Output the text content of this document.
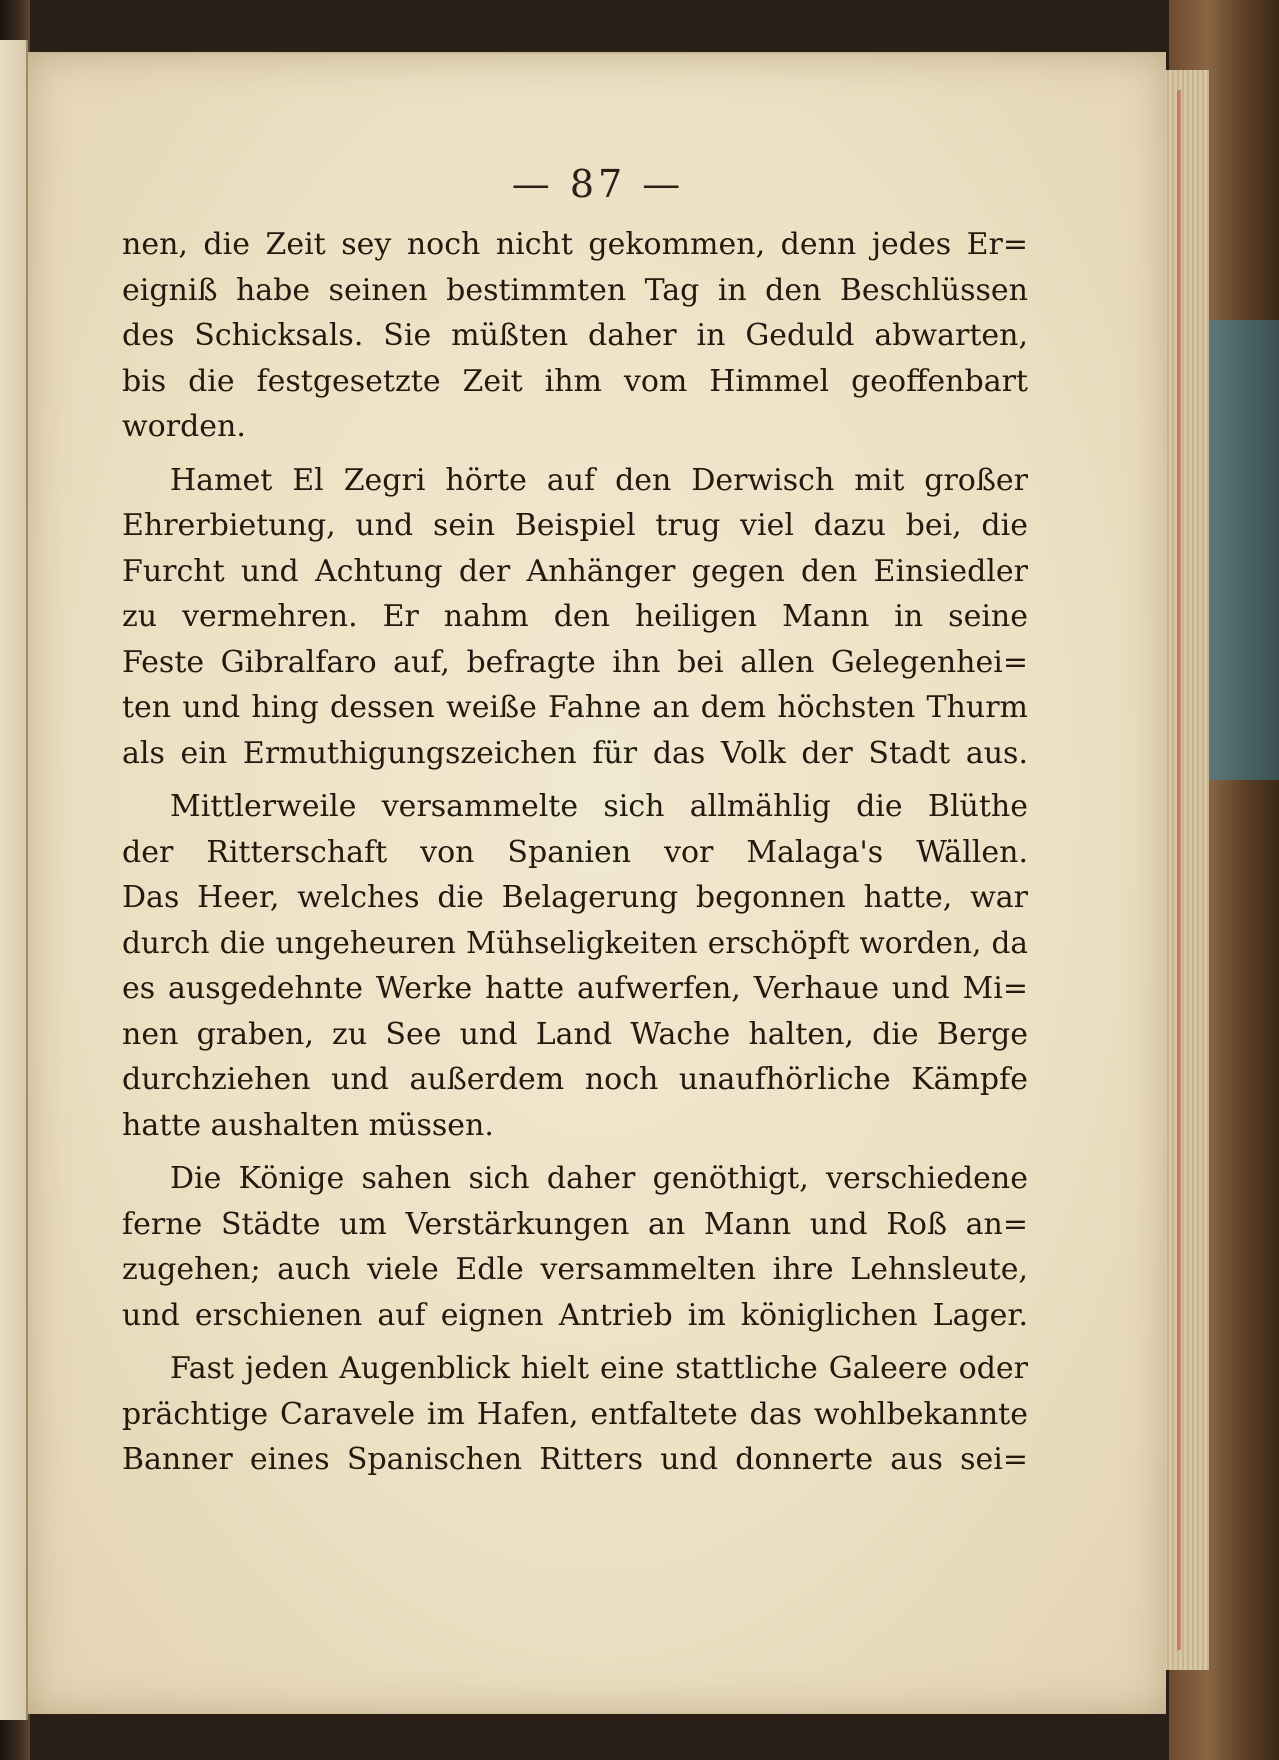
— 87 —
nen, die Zeit sey noch nicht gekommen, denn jedes Er=
eigniß habe seinen bestimmten Tag in den Beschlüssen
des Schicksals. Sie müßten daher in Geduld abwarten,
bis die festgesetzte Zeit ihm vom Himmel geoffenbart
worden.
Hamet El Zegri hörte auf den Derwisch mit großer
Ehrerbietung, und sein Beispiel trug viel dazu bei, die
Furcht und Achtung der Anhänger gegen den Einsiedler
zu vermehren. Er nahm den heiligen Mann in seine
Feste Gibralfaro auf, befragte ihn bei allen Gelegenhei=
ten und hing dessen weiße Fahne an dem höchsten Thurm
als ein Ermuthigungszeichen für das Volk der Stadt aus.
Mittlerweile versammelte sich allmählig die Blüthe
der Ritterschaft von Spanien vor Malaga's Wällen.
Das Heer, welches die Belagerung begonnen hatte, war
durch die ungeheuren Mühseligkeiten erschöpft worden, da
es ausgedehnte Werke hatte aufwerfen, Verhaue und Mi=
nen graben, zu See und Land Wache halten, die Berge
durchziehen und außerdem noch unaufhörliche Kämpfe
hatte aushalten müssen.
Die Könige sahen sich daher genöthigt, verschiedene
ferne Städte um Verstärkungen an Mann und Roß an=
zugehen; auch viele Edle versammelten ihre Lehnsleute,
und erschienen auf eignen Antrieb im königlichen Lager.
Fast jeden Augenblick hielt eine stattliche Galeere oder
prächtige Caravele im Hafen, entfaltete das wohlbekannte
Banner eines Spanischen Ritters und donnerte aus sei=
